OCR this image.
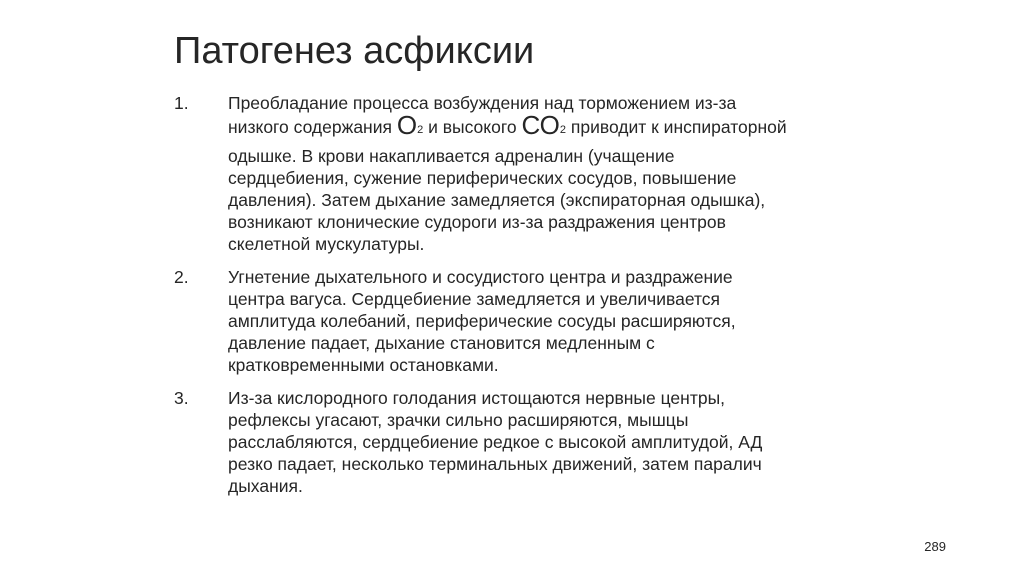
Патогенез асфиксии
1. Преобладание процесса возбуждения над торможением из-за
низкого содержания О2 и высокого СО2 приводит к инспираторной
одышке. В крови накапливается адреналин (учащение
сердцебиения, сужение периферических сосудов, повышение
давления). Затем дыхание замедляется (экспираторная одышка),
возникают клонические судороги из-за раздражения центров
скелетной мускулатуры.
2. Угнетение дыхательного и сосудистого центра и раздражение
центра вагуса. Сердцебиение замедляется и увеличивается
амплитуда колебаний, периферические сосуды расширяются,
давление падает, дыхание становится медленным с
кратковременными остановками.
3. Из-за кислородного голодания истощаются нервные центры,
рефлексы угасают, зрачки сильно расширяются, мышцы
расслабляются, сердцебиение редкое с высокой амплитудой, АД
резко падает, несколько терминальных движений, затем паралич
дыхания.
289
